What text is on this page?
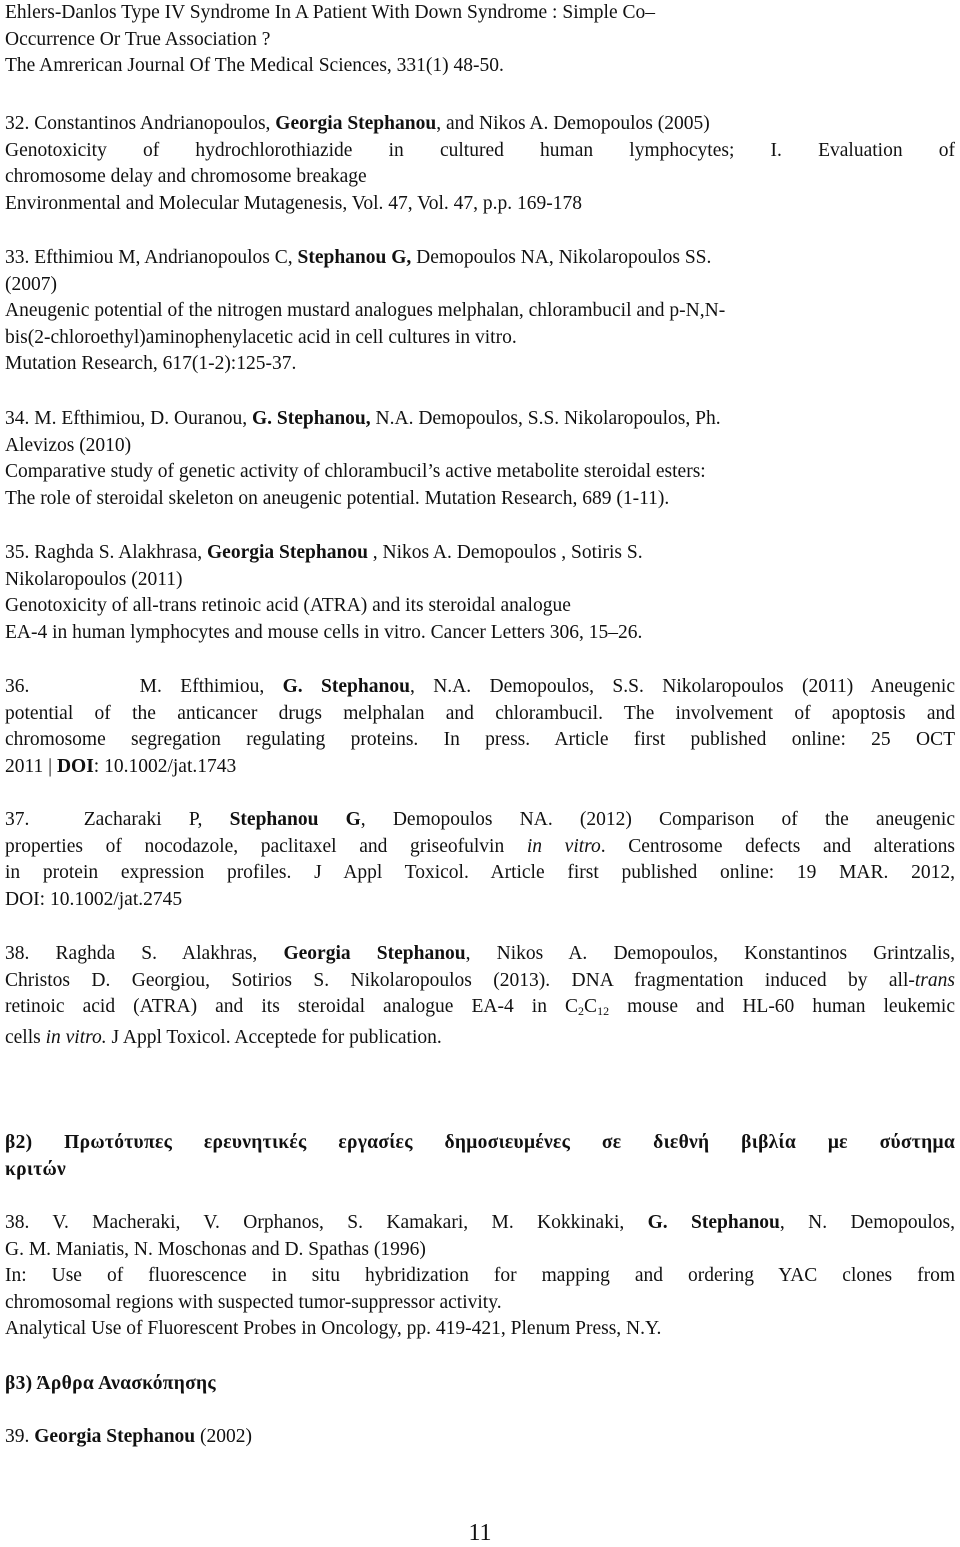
Ehlers-Danlos Type IV Syndrome In A Patient With Down Syndrome : Simple Co–
Occurrence Or True Association ?
The Amrerican Journal Of The Medical Sciences, 331(1) 48-50.
32. Constantinos Andrianopoulos, Georgia Stephanou, and Nikos A. Demopoulos (2005)
Genotoxicity of hydrochlorothiazide in cultured human lymphocytes; I. Evaluation of
chromosome delay and chromosome breakage
Environmental and Molecular Mutagenesis, Vol. 47, Vol. 47, p.p. 169-178
33. Efthimiou M, Andrianopoulos C, Stephanou G, Demopoulos NA, Nikolaropoulos SS.
(2007)
Aneugenic potential of the nitrogen mustard analogues melphalan, chlorambucil and p-N,N-
bis(2-chloroethyl)aminophenylacetic acid in cell cultures in vitro.
Mutation Research, 617(1-2):125-37.
34. M. Efthimiou, D. Ouranou, G. Stephanou, N.A. Demopoulos, S.S. Nikolaropoulos, Ph.
Alevizos (2010)
Comparative study of genetic activity of chlorambucil’s active metabolite steroidal esters:
The role of steroidal skeleton on aneugenic potential. Mutation Research, 689 (1-11).
35. Raghda S. Alakhrasa, Georgia Stephanou , Nikos A. Demopoulos , Sotiris S.
Nikolaropoulos (2011)
Genotoxicity of all-trans retinoic acid (ATRA) and its steroidal analogue
EA-4 in human lymphocytes and mouse cells in vitro. Cancer Letters 306, 15–26.
36.      M. Efthimiou, G. Stephanou, N.A. Demopoulos, S.S. Nikolaropoulos (2011) Aneugenic
potential of the anticancer drugs melphalan and chlorambucil. The involvement of apoptosis and
chromosome segregation regulating proteins. In press. Article first published online: 25 OCT
2011 | DOI: 10.1002/jat.1743
37.  Zacharaki P, Stephanou G, Demopoulos NA. (2012) Comparison of the aneugenic
properties of nocodazole, paclitaxel and griseofulvin in vitro. Centrosome defects and alterations
in protein expression profiles. J Appl Toxicol. Article first published online: 19 MAR. 2012,
DOI: 10.1002/jat.2745
38. Raghda S. Alakhras, Georgia Stephanou, Nikos A. Demopoulos, Konstantinos Grintzalis,
Christos D. Georgiou, Sotirios S. Nikolaropoulos (2013). DNA fragmentation induced by all-trans
retinoic acid (ATRA) and its steroidal analogue EA-4 in $C_2C_{12}$ mouse and HL-60 human leukemic
cells in vitro. J Appl Toxicol. Acceptede for publication.
β2) Πρωτότυπες ερευνητικές εργασίες δημοσιευμένες σε διεθνή βιβλία με σύστημα
κριτών
38. V. Macheraki, V. Orphanos, S. Kamakari, M. Kokkinaki, G. Stephanou, N. Demopoulos,
G. M. Maniatis, N. Moschonas and D. Spathas (1996)
In: Use of fluorescence in situ hybridization for mapping and ordering YAC clones from
chromosomal regions with suspected tumor-suppressor activity.
Analytical Use of Fluorescent Probes in Oncology, pp. 419-421, Plenum Press, N.Y.
β3) Άρθρα Ανασκόπησης
39. Georgia Stephanou (2002)
11
